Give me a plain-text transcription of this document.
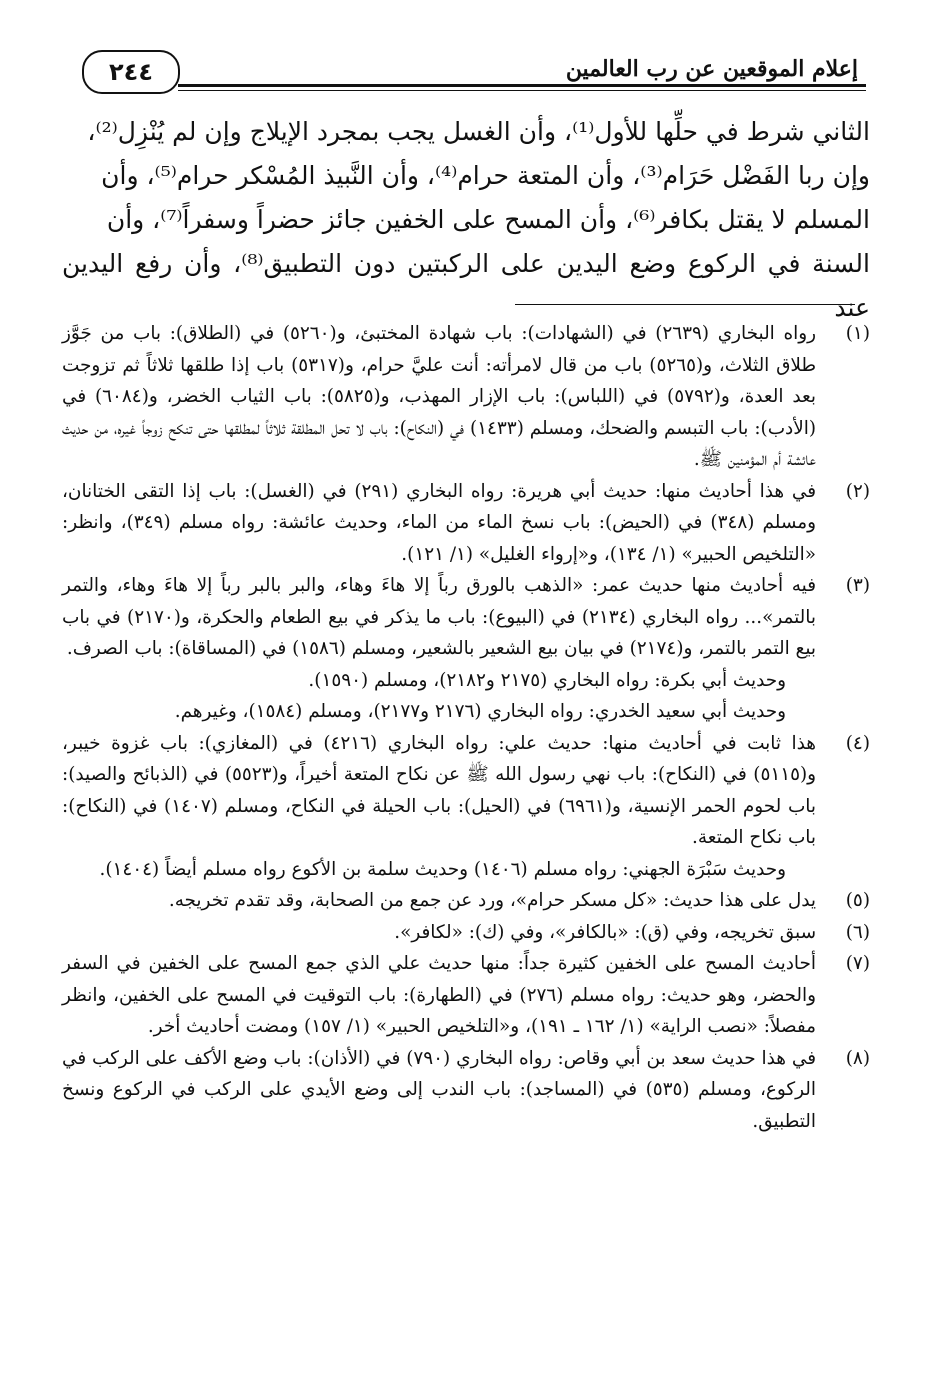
إعلام الموقعين عن رب العالمين
٢٤٤
الثاني شرط في حلِّها للأول⁽¹⁾، وأن الغسل يجب بمجرد الإيلاج وإن لم يُنْزِل⁽²⁾،
وإن ربا الفَضْل حَرَام⁽³⁾، وأن المتعة حرام⁽⁴⁾، وأن النَّبيذ المُسْكر حرام⁽⁵⁾، وأن
المسلم لا يقتل بكافر⁽⁶⁾، وأن المسح على الخفين جائز حضراً وسفراً⁽⁷⁾، وأن
السنة في الركوع وضع اليدين على الركبتين دون التطبيق⁽⁸⁾، وأن رفع اليدين عند
(١)

رواه البخاري (٢٦٣٩) في (الشهادات): باب شهادة المختبئ، و(٥٢٦٠) في (الطلاق): باب من جَوَّز طلاق الثلاث، و(٥٢٦٥) باب من قال لامرأته: أنت عليَّ حرام، و(٥٣١٧) باب إذا طلقها ثلاثاً ثم تزوجت بعد العدة، و(٥٧٩٢) في (اللباس): باب الإزار المهذب، و(٥٨٢٥): باب الثياب الخضر، و(٦٠٨٤) في (الأدب): باب التبسم والضحك، ومسلم (١٤٣٣) في (النكاح): باب لا تحل المطلقة ثلاثاً لمطلقها حتى تنكح زوجاً غيره، من حديث عائشة أم المؤمنين ﷺ.

(٢)

في هذا أحاديث منها: حديث أبي هريرة: رواه البخاري (٢٩١) في (الغسل): باب إذا التقى الختانان، ومسلم (٣٤٨) في (الحيض): باب نسخ الماء من الماء، وحديث عائشة: رواه مسلم (٣٤٩)، وانظر: «التلخيص الحبير» (١/ ١٣٤)، و«إرواء الغليل» (١/ ١٢١).

(٣)

فيه أحاديث منها حديث عمر: «الذهب بالورق رباً إلا هاءَ وهاء، والبر بالبر رباً إلا هاءَ وهاء، والتمر بالتمر»... رواه البخاري (٢١٣٤) في (البيوع): باب ما يذكر في بيع الطعام والحكرة، و(٢١٧٠) في باب بيع التمر بالتمر، و(٢١٧٤) في بيان بيع الشعير بالشعير، ومسلم (١٥٨٦) في (المساقاة): باب الصرف.

وحديث أبي بكرة: رواه البخاري (٢١٧٥ و٢١٨٢)، ومسلم (١٥٩٠).

وحديث أبي سعيد الخدري: رواه البخاري (٢١٧٦ و٢١٧٧)، ومسلم (١٥٨٤)، وغيرهم.

(٤)

هذا ثابت في أحاديث منها: حديث علي: رواه البخاري (٤٢١٦) في (المغازي): باب غزوة خيبر، و(٥١١٥) في (النكاح): باب نهي رسول الله ﷺ عن نكاح المتعة أخيراً، و(٥٥٢٣) في (الذبائح والصيد): باب لحوم الحمر الإنسية، و(٦٩٦١) في (الحيل): باب الحيلة في النكاح، ومسلم (١٤٠٧) في (النكاح): باب نكاح المتعة.

وحديث سَبْرَة الجهني: رواه مسلم (١٤٠٦) وحديث سلمة بن الأكوع رواه مسلم أيضاً (١٤٠٤).

(٥)

يدل على هذا حديث: «كل مسكر حرام»، ورد عن جمع من الصحابة، وقد تقدم تخريجه.

(٦)

سبق تخريجه، وفي (ق): «بالكافر»، وفي (ك): «لكافر».

(٧)

أحاديث المسح على الخفين كثيرة جداً: منها حديث علي الذي جمع المسح على الخفين في السفر والحضر، وهو حديث: رواه مسلم (٢٧٦) في (الطهارة): باب التوقيت في المسح على الخفين، وانظر مفصلاً: «نصب الراية» (١/ ١٦٢ ـ ١٩١)، و«التلخيص الحبير» (١/ ١٥٧) ومضت أحاديث أخر.

(٨)

في هذا حديث سعد بن أبي وقاص: رواه البخاري (٧٩٠) في (الأذان): باب وضع الأكف على الركب في الركوع، ومسلم (٥٣٥) في (المساجد): باب الندب إلى وضع الأيدي على الركب في الركوع ونسخ التطبيق.
